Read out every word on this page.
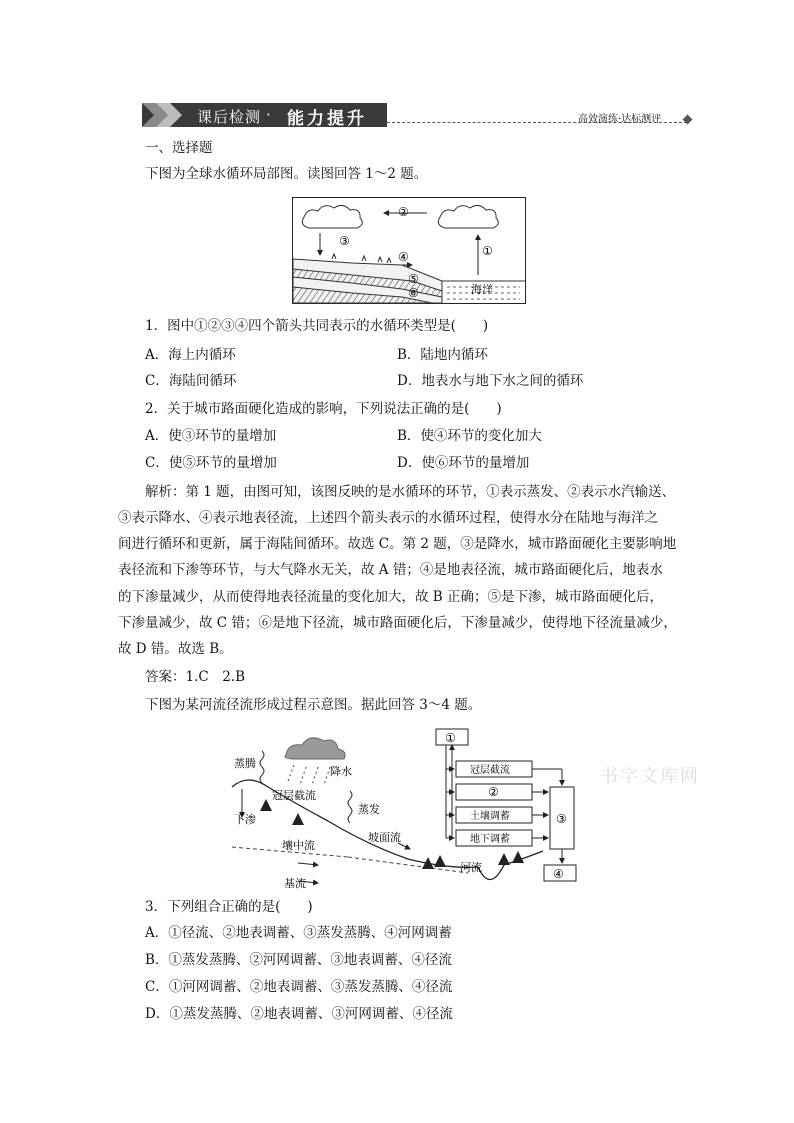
课后检测 · 能力提升	高效演练·达标测评
一、选择题
下图为全球水循环局部图。读图回答 1～2 题。
②
③
①
④
⑤
⑥	海洋
1．图中①②③④四个箭头共同表示的水循环类型是(　　)
A．海上内循环	B．陆地内循环
C．海陆间循环	D．地表水与地下水之间的循环
2．关于城市路面硬化造成的影响，下列说法正确的是(　　)
A．使③环节的量增加	B．使④环节的变化加大
C．使⑤环节的量增加	D．使⑥环节的量增加
解析：第 1 题，由图可知，该图反映的是水循环的环节，①表示蒸发、②表示水汽输送、
③表示降水、④表示地表径流，上述四个箭头表示的水循环过程，使得水分在陆地与海洋之
间进行循环和更新，属于海陆间循环。故选 C。第 2 题，③是降水，城市路面硬化主要影响地
表径流和下渗等环节，与大气降水无关，故 A 错；④是地表径流，城市路面硬化后，地表水
的下渗量减少，从而使得地表径流量的变化加大，故 B 正确；⑤是下渗，城市路面硬化后，
下渗量减少，故 C 错；⑥是地下径流，城市路面硬化后，下渗量减少，使得地下径流量减少，
故 D 错。故选 B。
答案：1.C　2.B
下图为某河流径流形成过程示意图。据此回答 3～4 题。
蒸腾
降水
冠层截流
蒸发
下渗
坡面流
壤中流
基流
河流
①
冠层截流
②
土壤调蓄
地下调蓄
③
④
书字文库网
3．下列组合正确的是(　　)
A．①径流、②地表调蓄、③蒸发蒸腾、④河网调蓄
B．①蒸发蒸腾、②河网调蓄、③地表调蓄、④径流
C．①河网调蓄、②地表调蓄、③蒸发蒸腾、④径流
D．①蒸发蒸腾、②地表调蓄、③河网调蓄、④径流
